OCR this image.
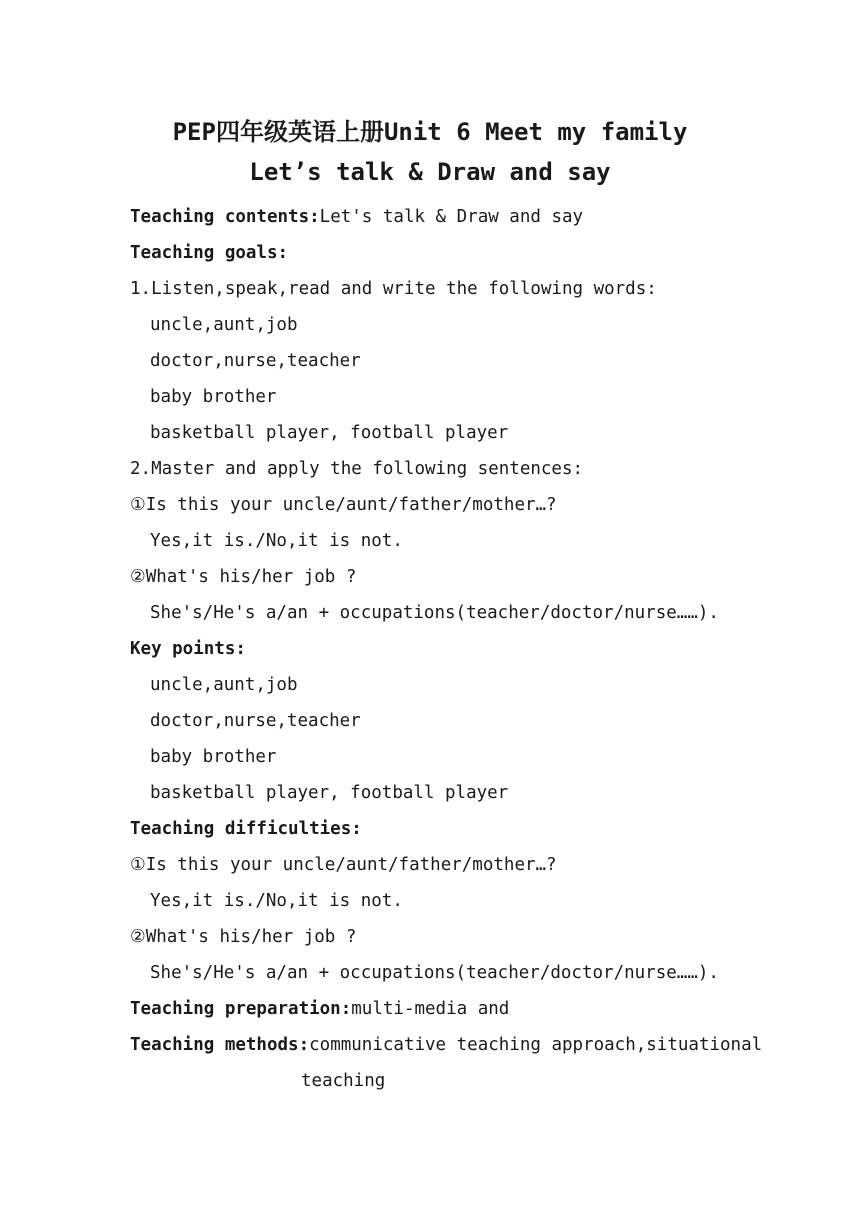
PEP四年级英语上册Unit 6 Meet my family
Let’s talk & Draw and say
Teaching contents:Let's talk & Draw and say
Teaching goals:
1.Listen,speak,read and write the following words:
uncle,aunt,job
doctor,nurse,teacher
baby brother
basketball player, football player
2.Master and apply the following sentences:
①Is this your uncle/aunt/father/mother…?
Yes,it is./No,it is not.
②What's his/her job ?
She's/He's a/an + occupations(teacher/doctor/nurse……).
Key points:
uncle,aunt,job
doctor,nurse,teacher
baby brother
basketball player, football player
Teaching difficulties:
①Is this your uncle/aunt/father/mother…?
Yes,it is./No,it is not.
②What's his/her job ?
She's/He's a/an + occupations(teacher/doctor/nurse……).
Teaching preparation:multi-media and
Teaching methods:communicative teaching approach,situational
teaching
